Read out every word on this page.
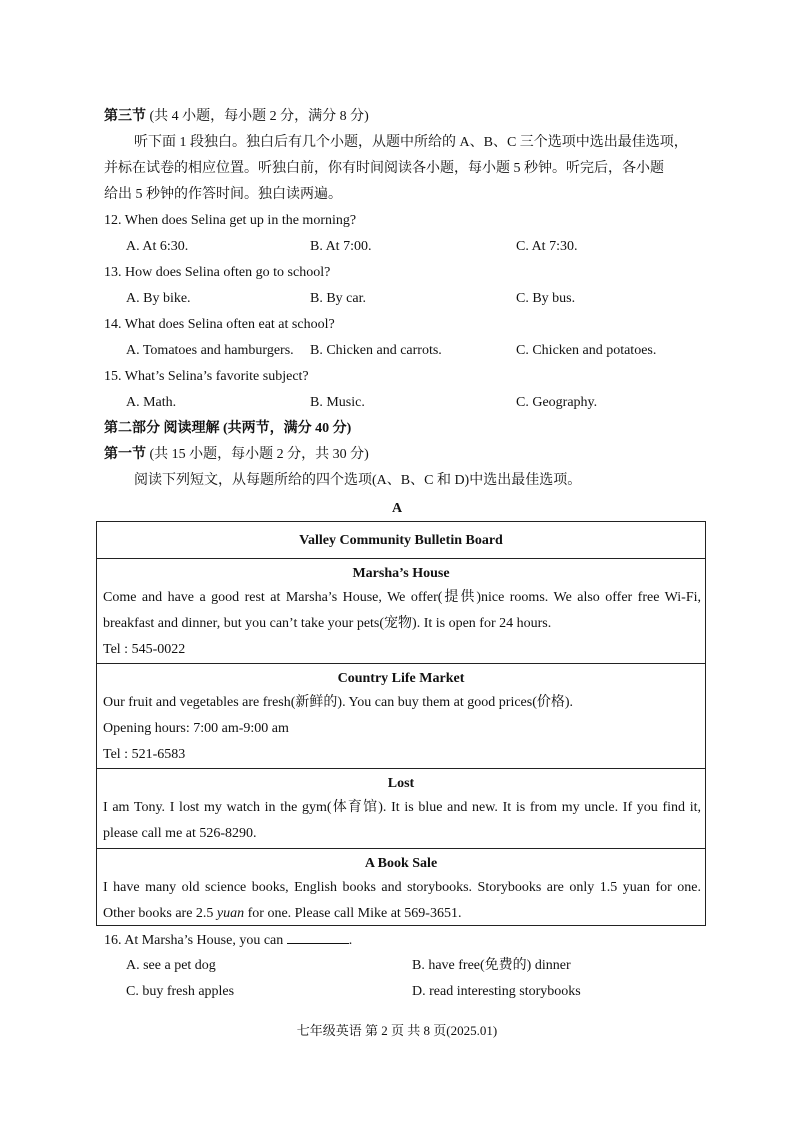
第三节 (共 4 小题，每小题 2 分，满分 8 分)
听下面 1 段独白。独白后有几个小题，从题中所给的 A、B、C 三个选项中选出最佳选项，
并标在试卷的相应位置。听独白前，你有时间阅读各小题，每小题 5 秒钟。听完后，各小题
给出 5 秒钟的作答时间。独白读两遍。
12. When does Selina get up in the morning?
A. At 6:30.	B. At 7:00.	C. At 7:30.
13. How does Selina often go to school?
A. By bike.	B. By car.	C. By bus.
14. What does Selina often eat at school?
A. Tomatoes and hamburgers. B. Chicken and carrots.	C. Chicken and potatoes.
15. What’s Selina’s favorite subject?
A. Math.	B. Music.	C. Geography.
第二部分 阅读理解 (共两节，满分 40 分)
第一节 (共 15 小题，每小题 2 分，共 30 分)
阅读下列短文，从每题所给的四个选项(A、B、C 和 D)中选出最佳选项。
A
Valley Community Bulletin Board
Marsha’s House
Come and have a good rest at Marsha’s House, We offer(提供)nice rooms. We also offer free Wi-Fi, breakfast and dinner, but you can’t take your pets(宠物). It is open for 24 hours.
Tel : 545-0022
Country Life Market
Our fruit and vegetables are fresh(新鲜的). You can buy them at good prices(价格).
Opening hours: 7:00 am-9:00 am
Tel : 521-6583
Lost
I am Tony. I lost my watch in the gym(体育馆). It is blue and new. It is from my uncle. If you find it, please call me at 526-8290.
A Book Sale
I have many old science books, English books and storybooks. Storybooks are only 1.5 yuan for one. Other books are 2.5 yuan for one. Please call Mike at 569-3651.
16. At Marsha’s House, you can	.
A. see a pet dog	B. have free(免费的) dinner
C. buy fresh apples	D. read interesting storybooks
七年级英语 第 2 页 共 8 页(2025.01)
